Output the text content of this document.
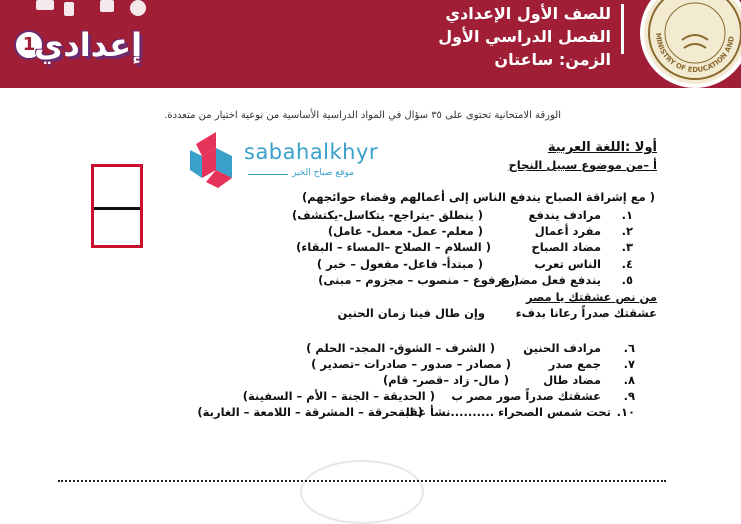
1
إعدادي
للصف الأول الإعدادي
الفصل الدراسي الأول
الزمن: ساعتان
MINISTRY OF EDUCATION AND
الورقة الامتحانية تحتوى على ٣٥ سؤال في المواد الدراسية الأساسية من نوعية اختيار من متعددة.
sabahalkhyr
موقع صباح الخير
أولا :اللغة العربية
أ –من موضوع سبيل النجاح
( مع إشراقة الصباح يندفع الناس إلى أعمالهم وقضاء حوائجهم)
١.
مرادف يندفع
( ينطلق -يتراجع- يتكاسل-يكتشف)
٢.
مفرد أعمال
( معلم- عمل- معمل- عامل)
٣.
مضاد الصباح
( السلام – الصلاح –المساء – البقاء)
٤.
الناس تعرب
( مبتدأ- فاعل- مفعول – خبر )
٥.
يندفع فعل مضارع
( مرفوع – منصوب – مجزوم – مبنى)
من نص عشقتك يا مصر
عشقتك صدراً رعانا بدفء
وإن طال فينا زمان الحنين
٦.
مرادف الحنين
( الشرف – الشوق- المجد- الحلم )
٧.
جمع صدر
( مصادر – صدور – صادرات –تصدير )
٨.
مضاد طال
( مال- زاد –قصر- قام)
٩.
عشقتك صدراً صور مصر ب
( الحديقة – الجنة – الأم – السفينة)
١٠.
تحت شمس الصحراء ..........نشأ عقبة
( المحرقة – المشرقة – اللامعة – الغاربة)
